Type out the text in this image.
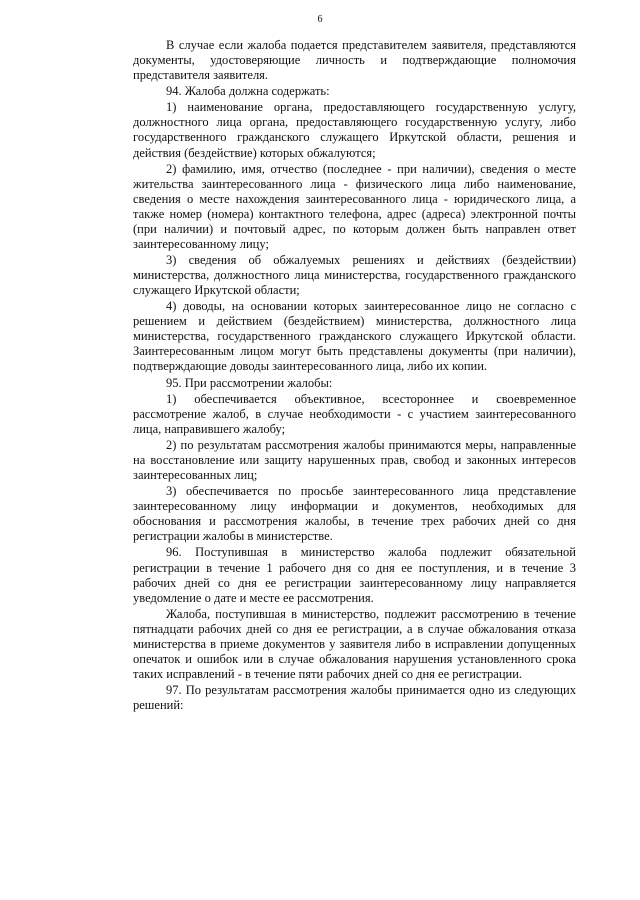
6

В случае если жалоба подается представителем заявителя, представляются документы, удостоверяющие личность и подтверждающие полномочия представителя заявителя.

94. Жалоба должна содержать:

1) наименование органа, предоставляющего государственную услугу, должностного лица органа, предоставляющего государственную услугу, либо государственного гражданского служащего Иркутской области, решения и действия (бездействие) которых обжалуются;

2) фамилию, имя, отчество (последнее - при наличии), сведения о месте жительства заинтересованного лица - физического лица либо наименование, сведения о месте нахождения заинтересованного лица - юридического лица, а также номер (номера) контактного телефона, адрес (адреса) электронной почты (при наличии) и почтовый адрес, по которым должен быть направлен ответ заинтересованному лицу;

3) сведения об обжалуемых решениях и действиях (бездействии) министерства, должностного лица министерства, государственного гражданского служащего Иркутской области;

4) доводы, на основании которых заинтересованное лицо не согласно с решением и действием (бездействием) министерства, должностного лица министерства, государственного гражданского служащего Иркутской области. Заинтересованным лицом могут быть представлены документы (при наличии), подтверждающие доводы заинтересованного лица, либо их копии.

95. При рассмотрении жалобы:

1) обеспечивается объективное, всестороннее и своевременное рассмотрение жалоб, в случае необходимости - с участием заинтересованного лица, направившего жалобу;

2) по результатам рассмотрения жалобы принимаются меры, направленные на восстановление или защиту нарушенных прав, свобод и законных интересов заинтересованных лиц;

3) обеспечивается по просьбе заинтересованного лица представление заинтересованному лицу информации и документов, необходимых для обоснования и рассмотрения жалобы, в течение трех рабочих дней со дня регистрации жалобы в министерстве.

96. Поступившая в министерство жалоба подлежит обязательной регистрации в течение 1 рабочего дня со дня ее поступления, и в течение 3 рабочих дней со дня ее регистрации заинтересованному лицу направляется уведомление о дате и месте ее рассмотрения.

Жалоба, поступившая в министерство, подлежит рассмотрению в течение пятнадцати рабочих дней со дня ее регистрации, а в случае обжалования отказа министерства в приеме документов у заявителя либо в исправлении допущенных опечаток и ошибок или в случае обжалования нарушения установленного срока таких исправлений - в течение пяти рабочих дней со дня ее регистрации.

97. По результатам рассмотрения жалобы принимается одно из следующих решений:
